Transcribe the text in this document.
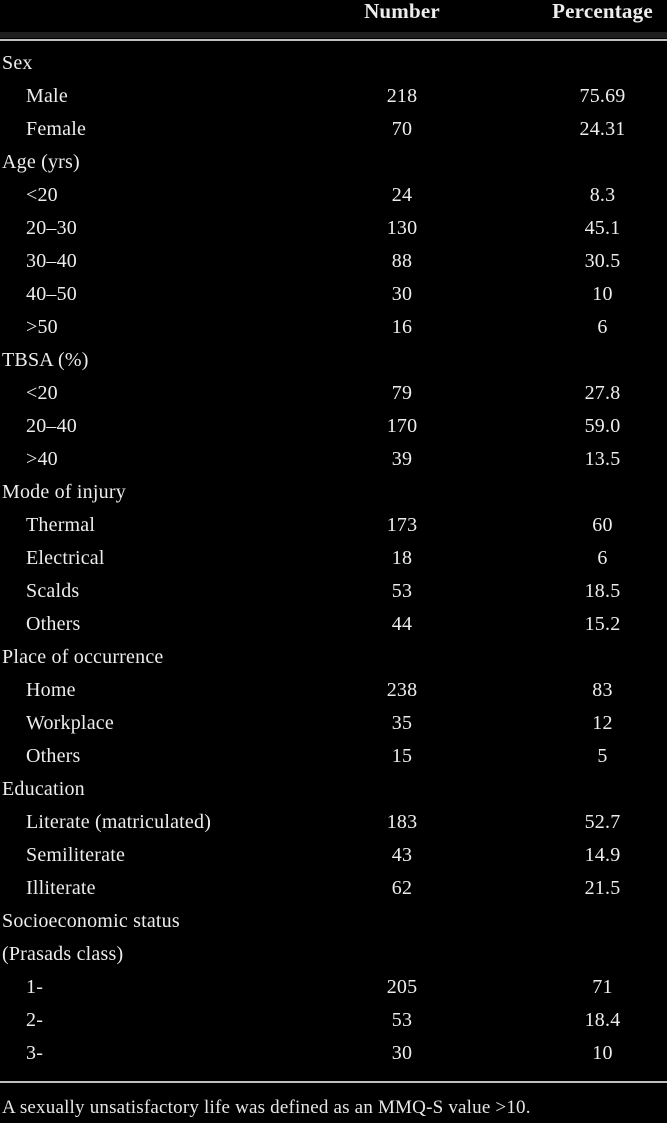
Number	Percentage
Sex
Male	218	75.69
Female	70	24.31
Age (yrs)
<20	24	8.3
20–30	130	45.1
30–40	88	30.5
40–50	30	10
>50	16	6
TBSA (%)
<20	79	27.8
20–40	170	59.0
>40	39	13.5
Mode of injury
Thermal	173	60
Electrical	18	6
Scalds	53	18.5
Others	44	15.2
Place of occurrence
Home	238	83
Workplace	35	12
Others	15	5
Education
Literate (matriculated)	183	52.7
Semiliterate	43	14.9
Illiterate	62	21.5
Socioeconomic status
(Prasads class)
1-	205	71
2-	53	18.4
3-	30	10
A sexually unsatisfactory life was defined as an MMQ-S value >10.
